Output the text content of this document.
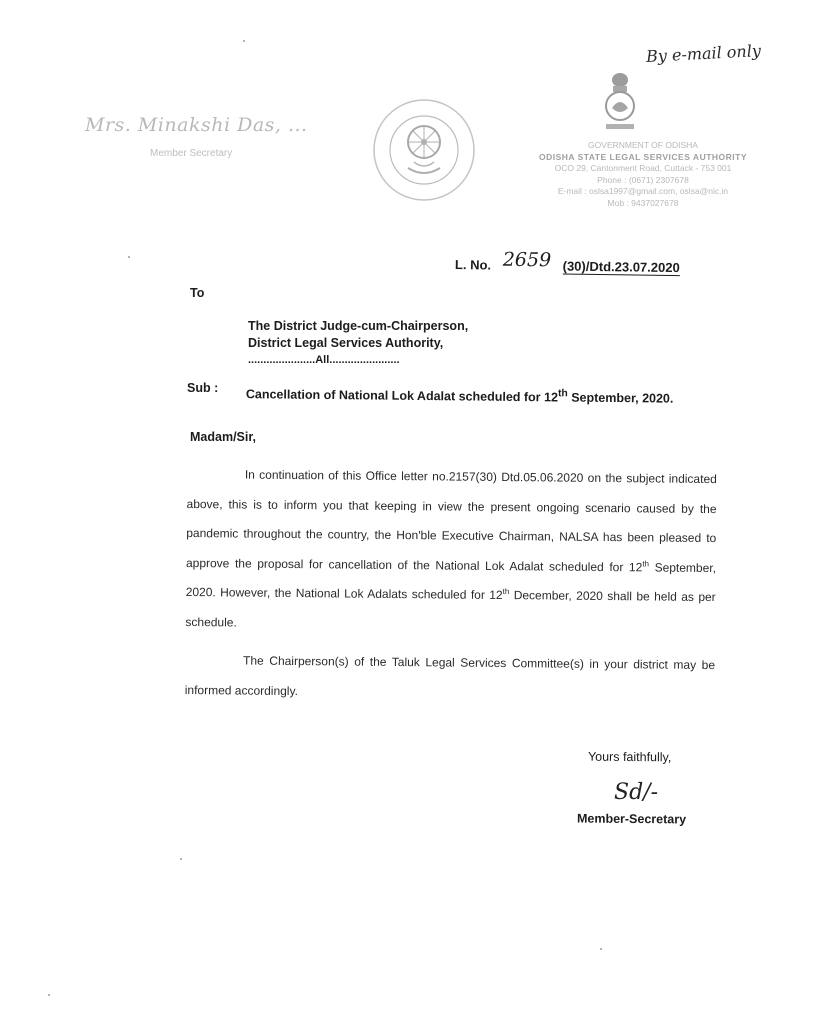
By e-mail only
Mrs. Minakshi Das, ...
Member Secretary
GOVERNMENT OF ODISHA
ODISHA STATE LEGAL SERVICES AUTHORITY
OCO 29, Cantonment Road, Cuttack - 753 001
Phone : (0671) 2307678
E-mail : oslsa1997@gmail.com, oslsa@nic.in
Mob : 9437027678
L. No. 2659 (30)/Dtd.23.07.2020
To
The District Judge-cum-Chairperson,
District Legal Services Authority,
......................All.......................
Sub : Cancellation of National Lok Adalat scheduled for 12th September, 2020.
Madam/Sir,

In continuation of this Office letter no.2157(30) Dtd.05.06.2020 on the subject indicated above, this is to inform you that keeping in view the present ongoing scenario caused by the pandemic throughout the country, the Hon'ble Executive Chairman, NALSA has been pleased to approve the proposal for cancellation of the National Lok Adalat scheduled for 12th September, 2020. However, the National Lok Adalats scheduled for 12th December, 2020 shall be held as per schedule.

The Chairperson(s) of the Taluk Legal Services Committee(s) in your district may be informed accordingly.

Yours faithfully,
Sd/-
Member-Secretary
